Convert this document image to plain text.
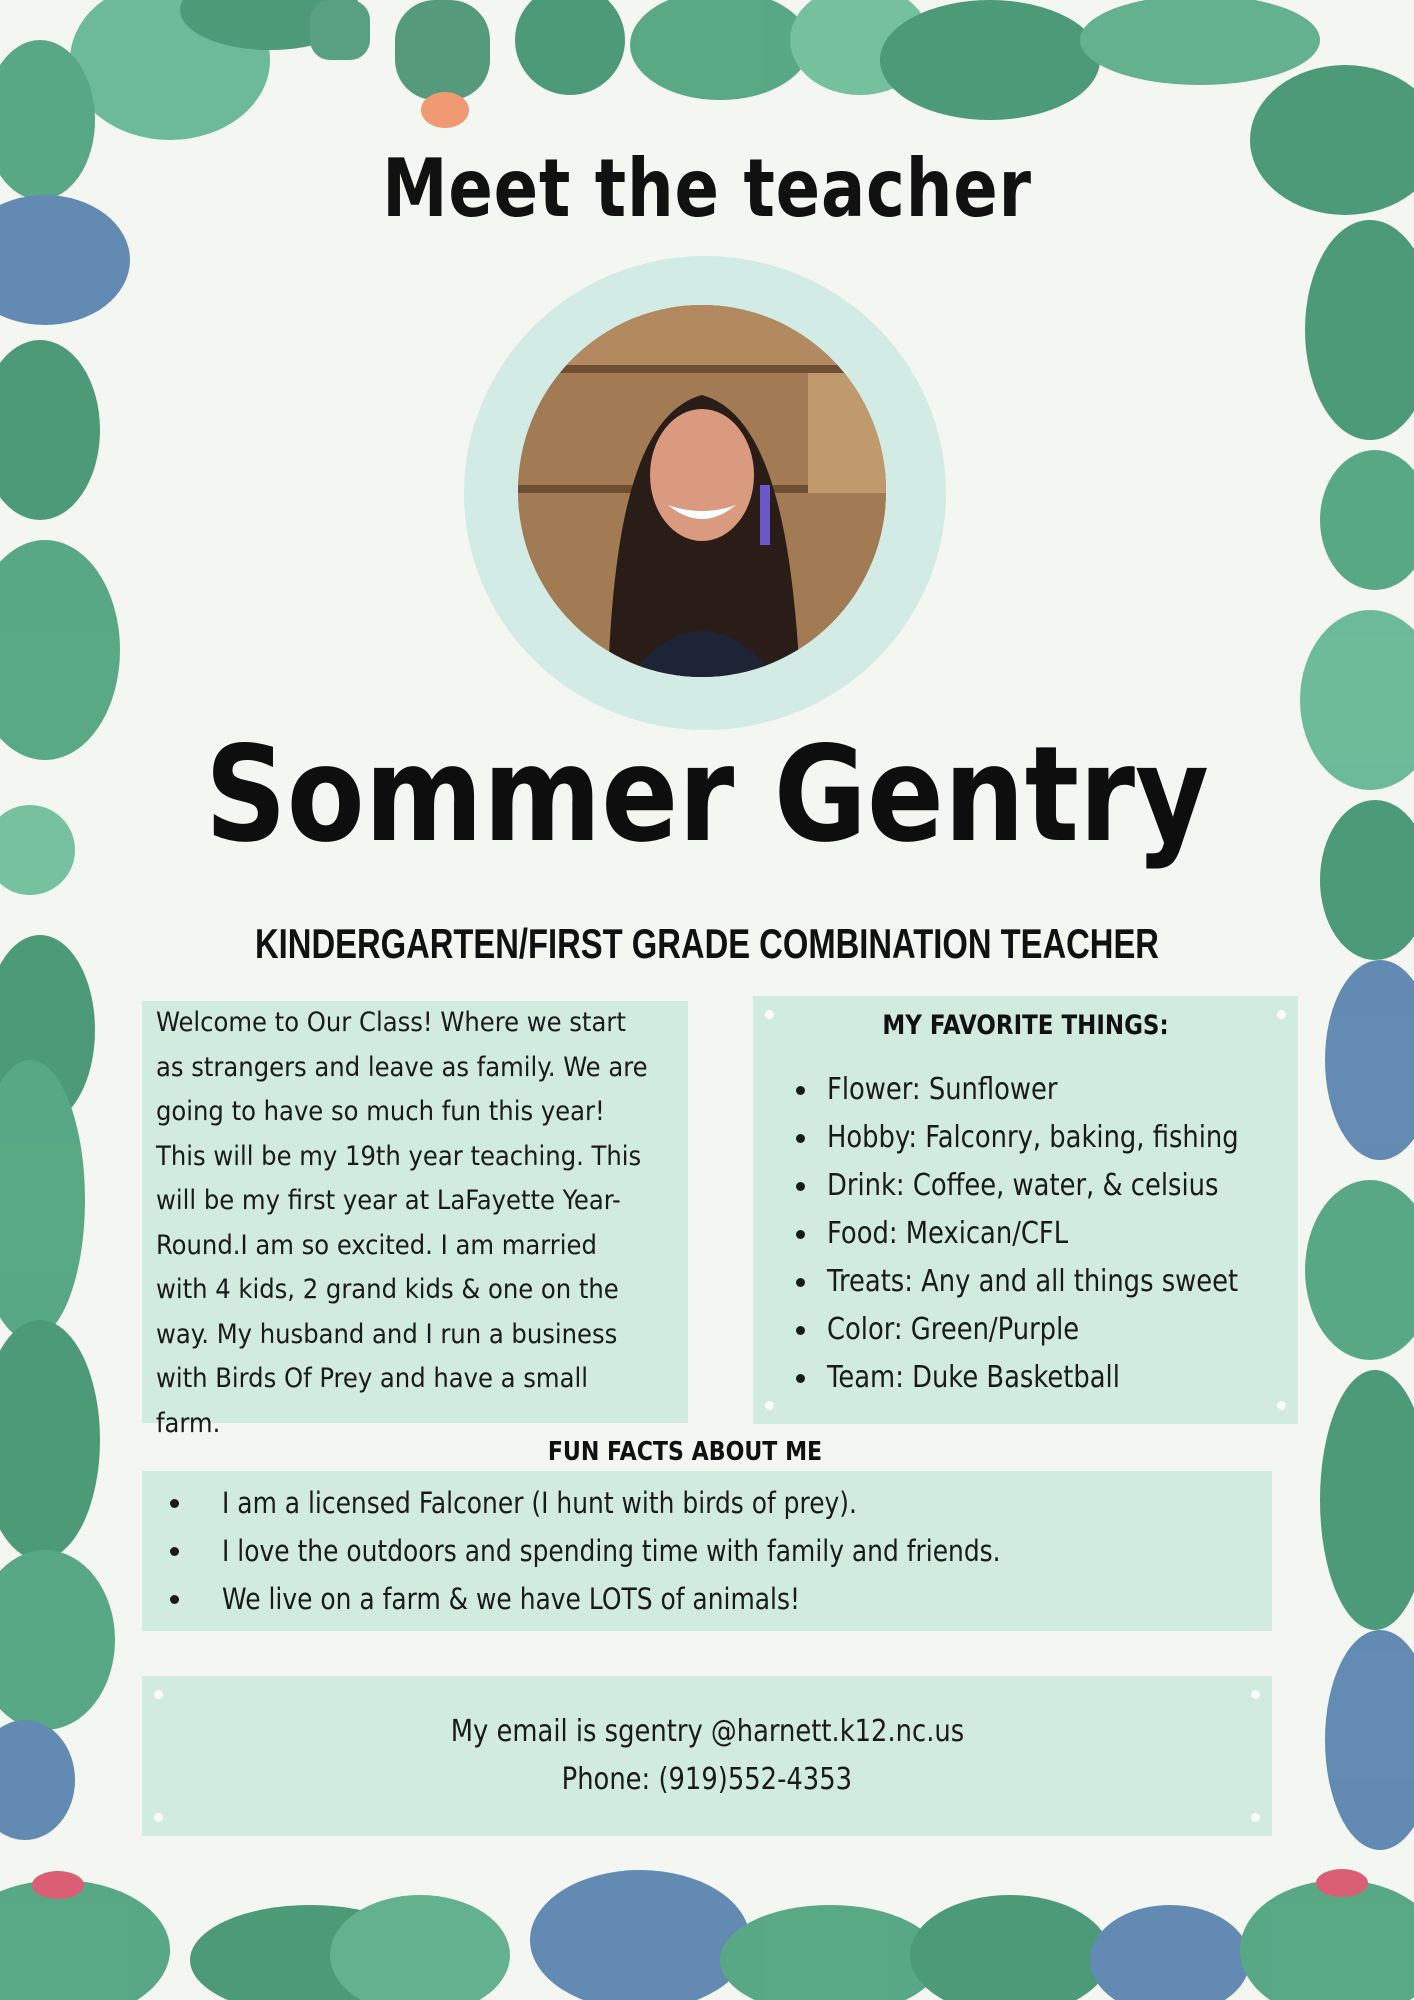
Meet the teacher
Sommer Gentry
KINDERGARTEN/FIRST GRADE COMBINATION TEACHER
Welcome to Our Class! Where we start
as strangers and leave as family. We are
going to have so much fun this year!
This will be my 19th year teaching. This
will be my first year at LaFayette Year-
Round.I am so excited. I am married
with 4 kids, 2 grand kids & one on the
way. My husband and I run a business
with Birds Of Prey and have a small
farm.
MY FAVORITE THINGS:
Flower: Sunflower
Hobby: Falconry, baking, fishing
Drink: Coffee, water, & celsius
Food: Mexican/CFL
Treats: Any and all things sweet
Color: Green/Purple
Team: Duke Basketball
FUN FACTS ABOUT ME
I am a licensed Falconer (I hunt with birds of prey).
I love the outdoors and spending time with family and friends.
We live on a farm & we have LOTS of animals!
My email is sgentry @harnett.k12.nc.us
Phone: (919)552-4353
